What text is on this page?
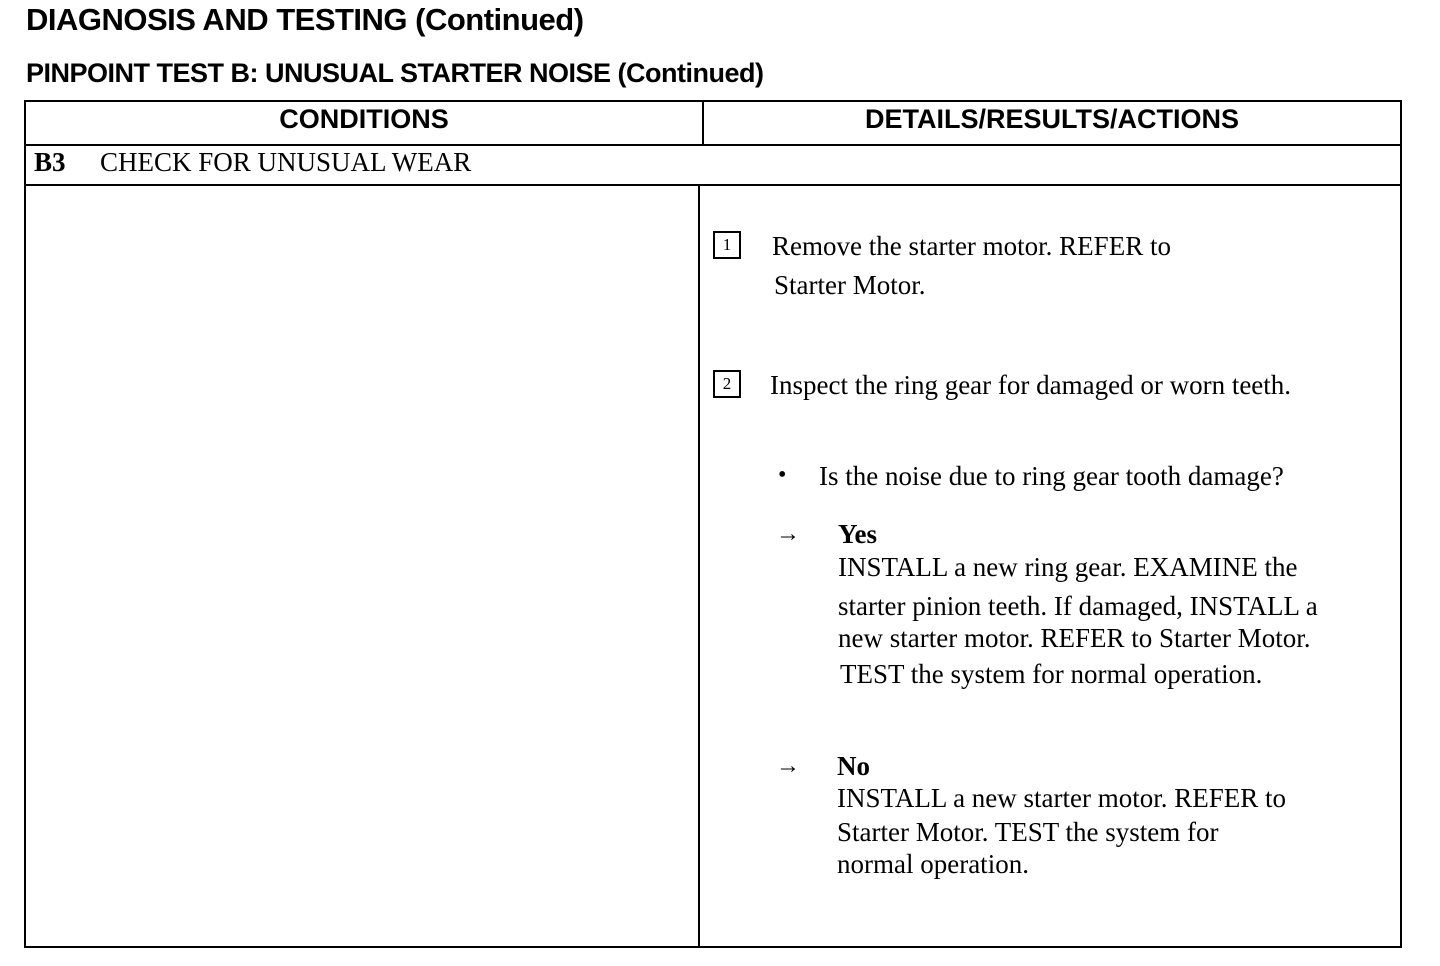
DIAGNOSIS AND TESTING (Continued)
PINPOINT TEST B: UNUSUAL STARTER NOISE (Continued)
CONDITIONS	DETAILS/RESULTS/ACTIONS
B3 CHECK FOR UNUSUAL WEAR
1	Remove the starter motor. REFER to
Starter Motor.
2	Inspect the ring gear for damaged or worn teeth.
• Is the noise due to ring gear tooth damage?
→ Yes
INSTALL a new ring gear. EXAMINE the
starter pinion teeth. If damaged, INSTALL a
new starter motor. REFER to Starter Motor.
TEST the system for normal operation.
→ No
INSTALL a new starter motor. REFER to
Starter Motor. TEST the system for
normal operation.
